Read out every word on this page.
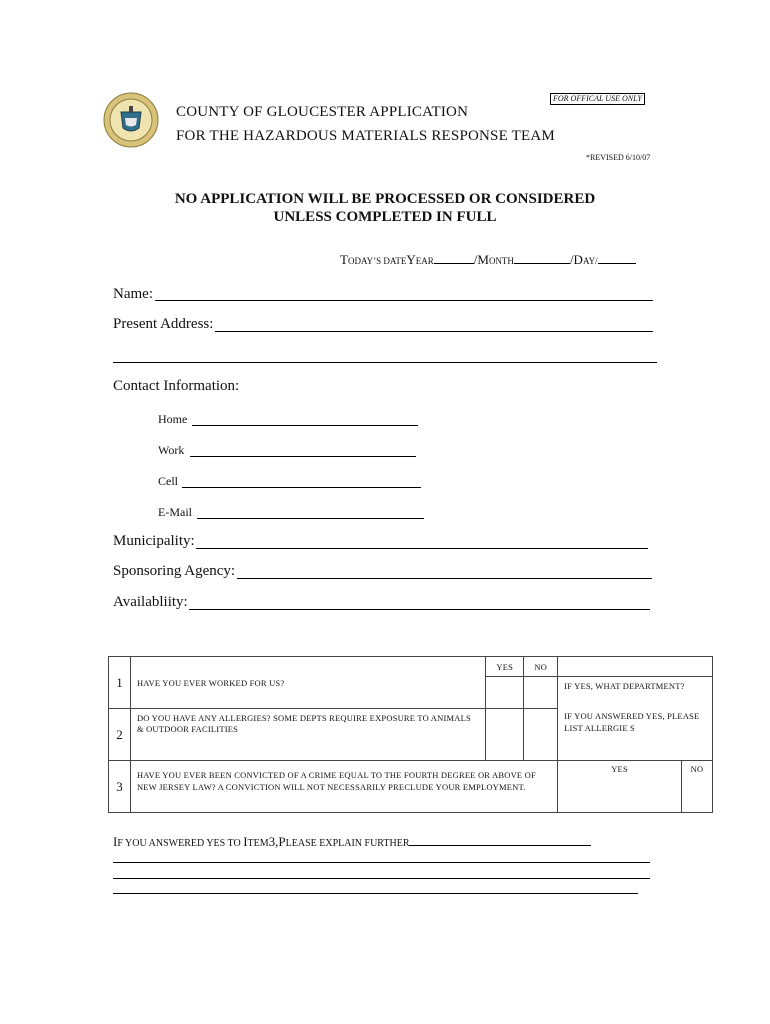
FOR OFFICAL USE ONLY
COUNTY OF GLOUCESTER APPLICATION
FOR THE HAZARDOUS MATERIALS RESPONSE TEAM
*REVISED 6/10/07
NO APPLICATION WILL BE PROCESSED OR CONSIDERED
UNLESS COMPLETED IN FULL
TODAY’S DATEYEAR	/MONTH	/DAY/
Name:
Present Address:
Contact Information:
Home
Work
Cell
E-Mail
Municipality:
Sponsoring Agency:
Availabliity:
1	HAVE YOU EVER WORKED FOR US?	YES	NO		
				IF YES, WHAT DEPARTMENT?	
2	DO YOU HAVE ANY ALLERGIES? SOME DEPTS REQUIRE EXPOSURE TO ANIMALS & OUTDOOR FACILITIES			IF YOU ANSWERED YES, PLEASE LIST ALLERGIE S	
3	HAVE YOU EVER BEEN CONVICTED OF A CRIME EQUAL TO THE FOURTH DEGREE OR ABOVE OF NEW JERSEY LAW? A CONVICTION WILL NOT NECESSARILY PRECLUDE YOUR EMPLOYMENT.			YES	NO
IF YOU ANSWERED YES TO ITEM3,PLEASE EXPLAIN FURTHER
